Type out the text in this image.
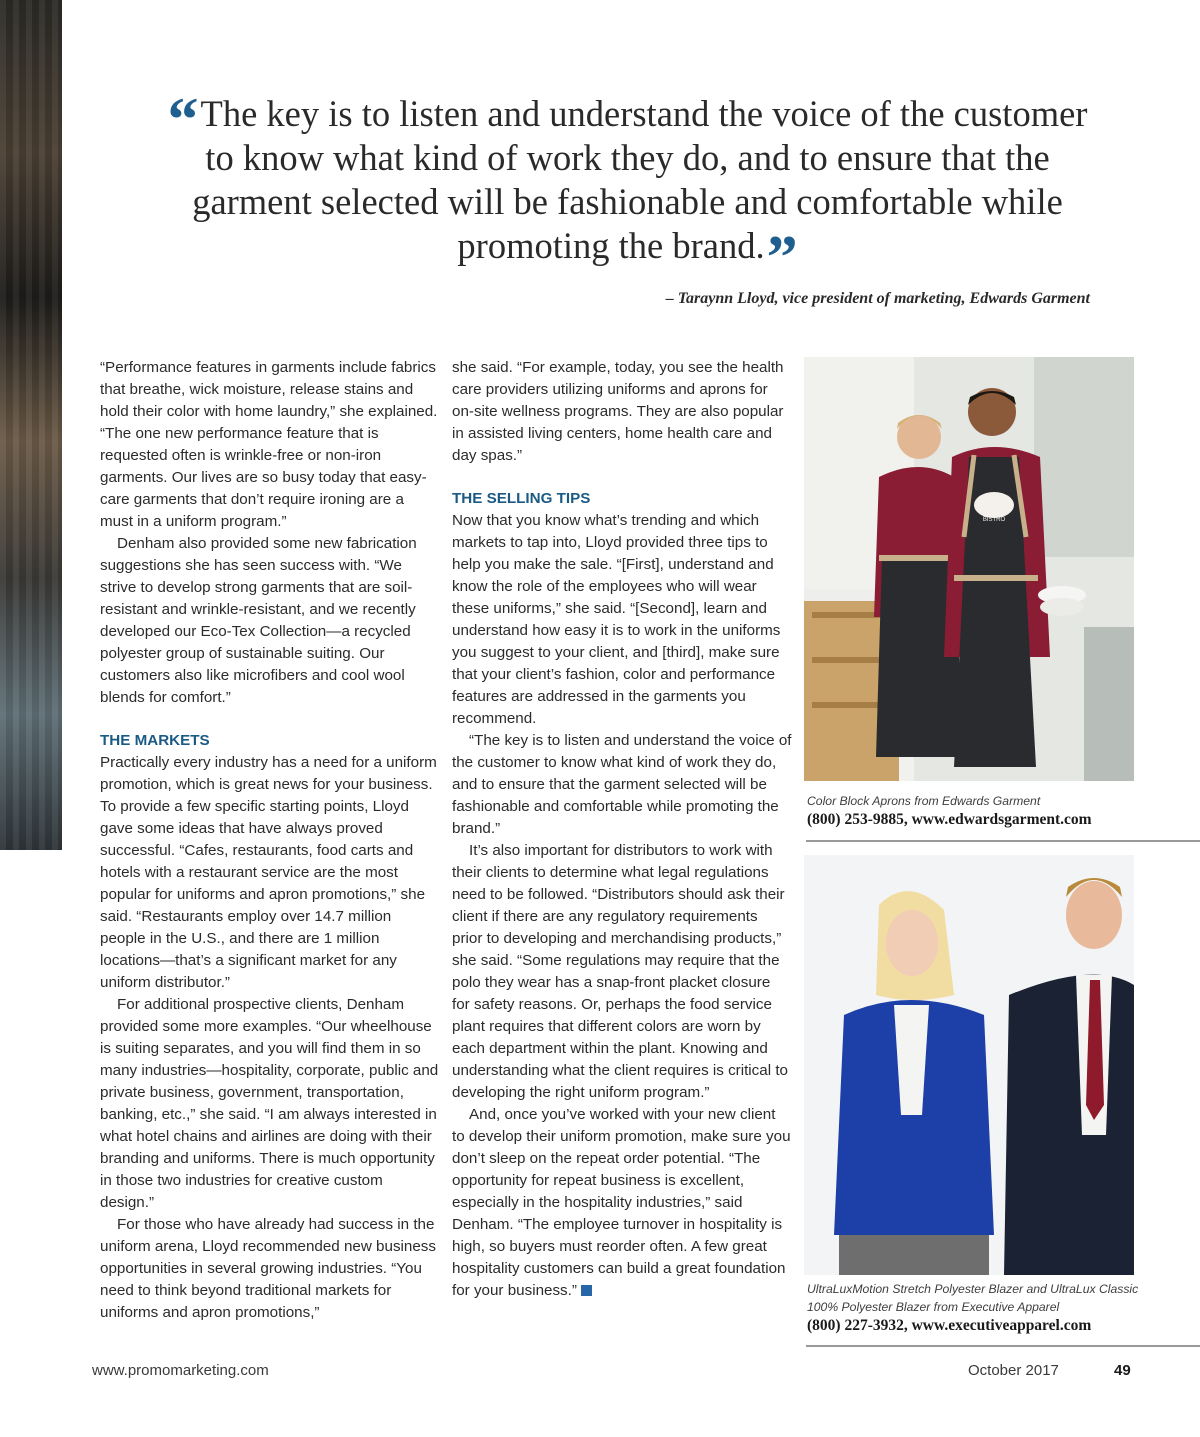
“The key is to listen and understand the voice of the customer to know what kind of work they do, and to ensure that the garment selected will be fashionable and comfortable while promoting the brand.”
– Taraynn Lloyd, vice president of marketing, Edwards Garment

“Performance features in garments include fabrics that breathe, wick moisture, release stains and hold their color with home laundry,” she explained. “The one new performance feature that is requested often is wrinkle-free or non-iron garments. Our lives are so busy today that easy-care garments that don’t require ironing are a must in a uniform program.”

Denham also provided some new fabrication suggestions she has seen success with. “We strive to develop strong garments that are soil-resistant and wrinkle-resistant, and we recently developed our Eco-Tex Collection—a recycled polyester group of sustainable suiting. Our customers also like microfibers and cool wool blends for comfort.”

THE MARKETS

Practically every industry has a need for a uniform promotion, which is great news for your business. To provide a few specific starting points, Lloyd gave some ideas that have always proved successful. “Cafes, restaurants, food carts and hotels with a restaurant service are the most popular for uniforms and apron promotions,” she said. “Restaurants employ over 14.7 million people in the U.S., and there are 1 million locations—that’s a significant market for any uniform distributor.”

For additional prospective clients, Denham provided some more examples. “Our wheelhouse is suiting separates, and you will find them in so many industries—hospitality, corporate, public and private business, government, transportation, banking, etc.,” she said. “I am always interested in what hotel chains and airlines are doing with their branding and uniforms. There is much opportunity in those two industries for creative custom design.”

For those who have already had success in the uniform arena, Lloyd recommended new business opportunities in several growing industries. “You need to think beyond traditional markets for uniforms and apron promotions,”

she said. “For example, today, you see the health care providers utilizing uniforms and aprons for on-site wellness programs. They are also popular in assisted living centers, home health care and day spas.”

THE SELLING TIPS

Now that you know what’s trending and which markets to tap into, Lloyd provided three tips to help you make the sale. “[First], understand and know the role of the employees who will wear these uniforms,” she said. “[Second], learn and understand how easy it is to work in the uniforms you suggest to your client, and [third], make sure that your client’s fashion, color and performance features are addressed in the garments you recommend.

“The key is to listen and understand the voice of the customer to know what kind of work they do, and to ensure that the garment selected will be fashionable and comfortable while promoting the brand.”

It’s also important for distributors to work with their clients to determine what legal regulations need to be followed. “Distributors should ask their client if there are any regulatory requirements prior to developing and merchandising products,” she said. “Some regulations may require that the polo they wear has a snap-front placket closure for safety reasons. Or, perhaps the food service plant requires that different colors are worn by each department within the plant. Knowing and understanding what the client requires is critical to developing the right uniform program.”

And, once you’ve worked with your new client to develop their uniform promotion, make sure you don’t sleep on the repeat order potential. “The opportunity for repeat business is excellent, especially in the hospitality industries,” said Denham. “The employee turnover in hospitality is high, so buyers must reorder often. A few great hospitality customers can build a great foundation for your business.”	pm

BISTRO
Color Block Aprons from Edwards Garment
(800) 253-9885, www.edwardsgarment.com
UltraLuxMotion Stretch Polyester Blazer and UltraLux Classic
100% Polyester Blazer from Executive Apparel
(800) 227-3932, www.executiveapparel.com
www.promomarketing.com	October 2017	49
